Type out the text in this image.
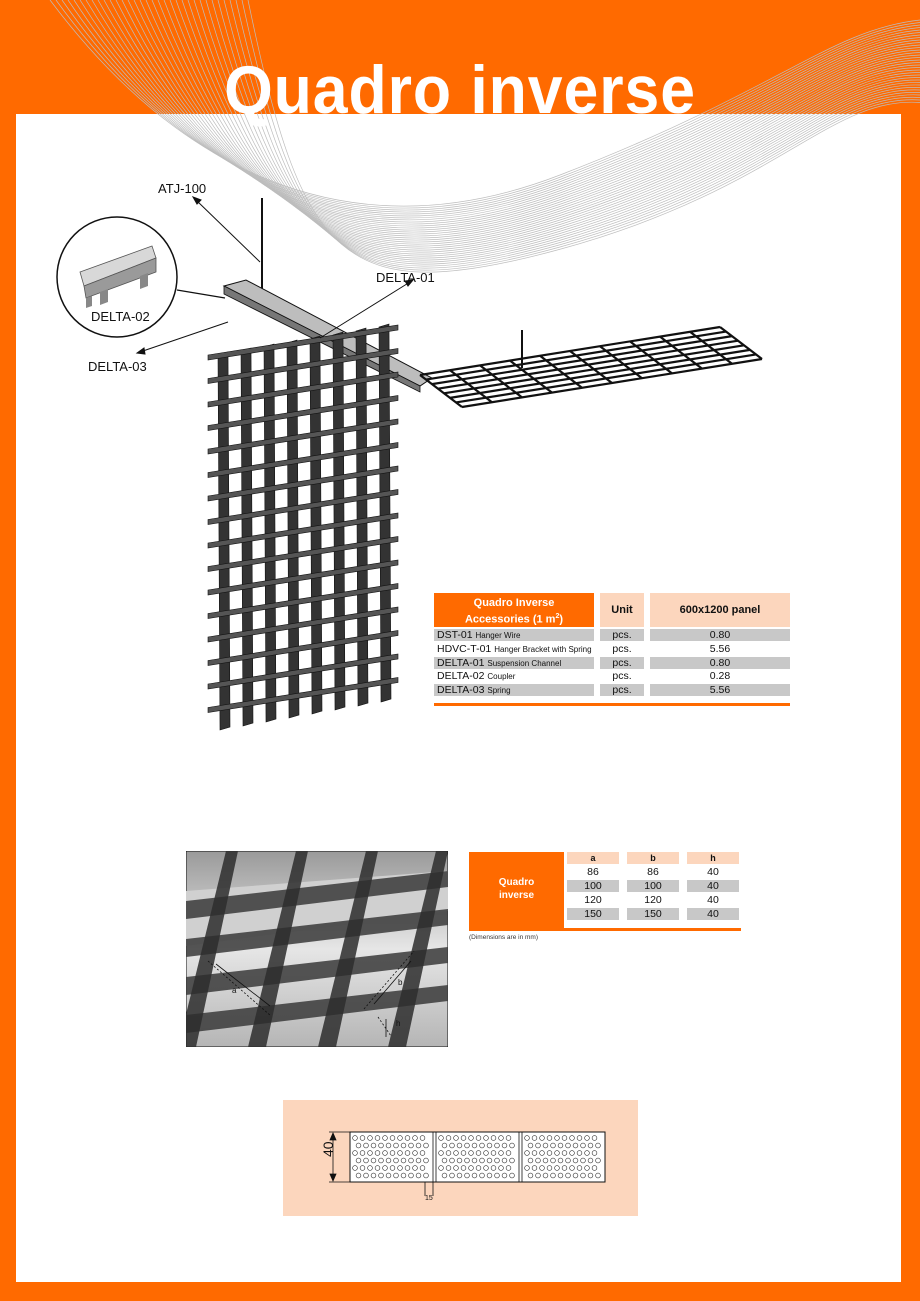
Quadro inverse
ATJ-100
DELTA-01
DELTA-02
DELTA-03
Quadro Inverse
Accessories (1 $m^2$)
Unit	600x1200 panel
DST-01 Hanger Wire	pcs.	0.80
HDVC-T-01 Hanger Bracket with Spring	pcs.	5.56
DELTA-01 Suspension Channel	pcs.	0.80
DELTA-02 Coupler	pcs.	0.28
DELTA-03 Spring	pcs.	5.56
a
b
h
Quadro
inverse
a	b	h
86	86	40
100	100	40
120	120	40
150	150	40
(Dimensions are in mm)
40
15
